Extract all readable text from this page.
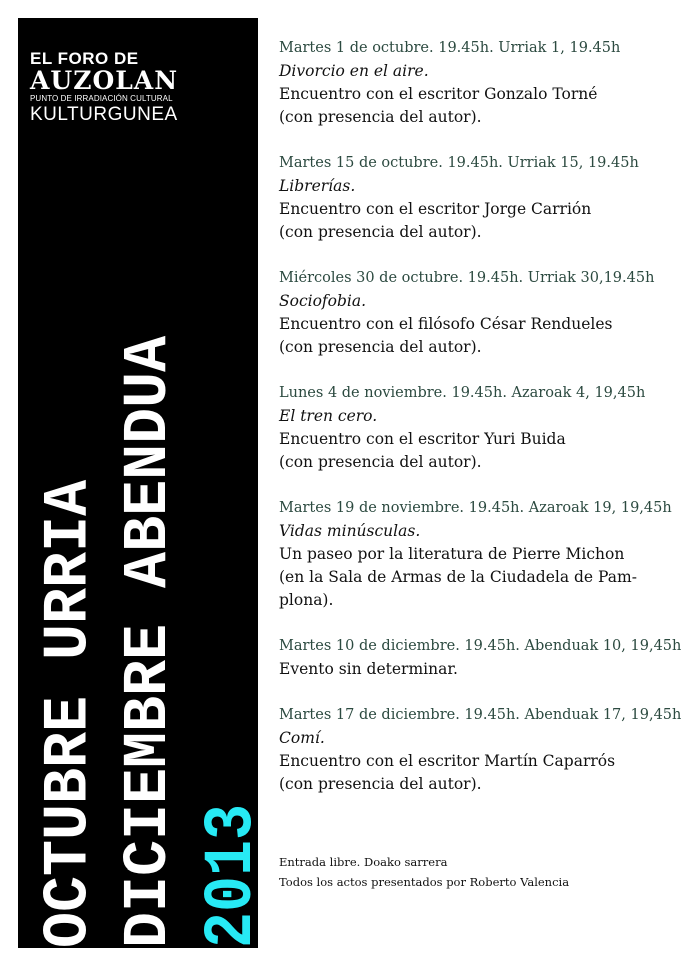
EL FORO DE
AUZOLAN
PUNTO DE IRRADIACIÓN CULTURAL
KULTURGUNEA
OCTUBRE URRIA DICIEMBRE ABENDUA 2013
Martes 1 de octubre. 19.45h. Urriak 1, 19.45h
Divorcio en el aire.
Encuentro con el escritor Gonzalo Torné
(con presencia del autor).
Martes 15 de octubre. 19.45h. Urriak 15, 19.45h
Librerías.
Encuentro con el escritor Jorge Carrión
(con presencia del autor).
Miércoles 30 de octubre. 19.45h. Urriak 30,19.45h
Sociofobia.
Encuentro con el filósofo César Rendueles
(con presencia del autor).
Lunes 4 de noviembre. 19.45h. Azaroak 4, 19,45h
El tren cero.
Encuentro con el escritor Yuri Buida
(con presencia del autor).
Martes 19 de noviembre. 19.45h. Azaroak 19, 19,45h
Vidas minúsculas.
Un paseo por la literatura de Pierre Michon
(en la Sala de Armas de la Ciudadela de Pam-
plona).
Martes 10 de diciembre. 19.45h. Abenduak 10, 19,45h
Evento sin determinar.
Martes 17 de diciembre. 19.45h. Abenduak 17, 19,45h
Comí.
Encuentro con el escritor Martín Caparrós
(con presencia del autor).
Entrada libre. Doako sarrera
Todos los actos presentados por Roberto Valencia
